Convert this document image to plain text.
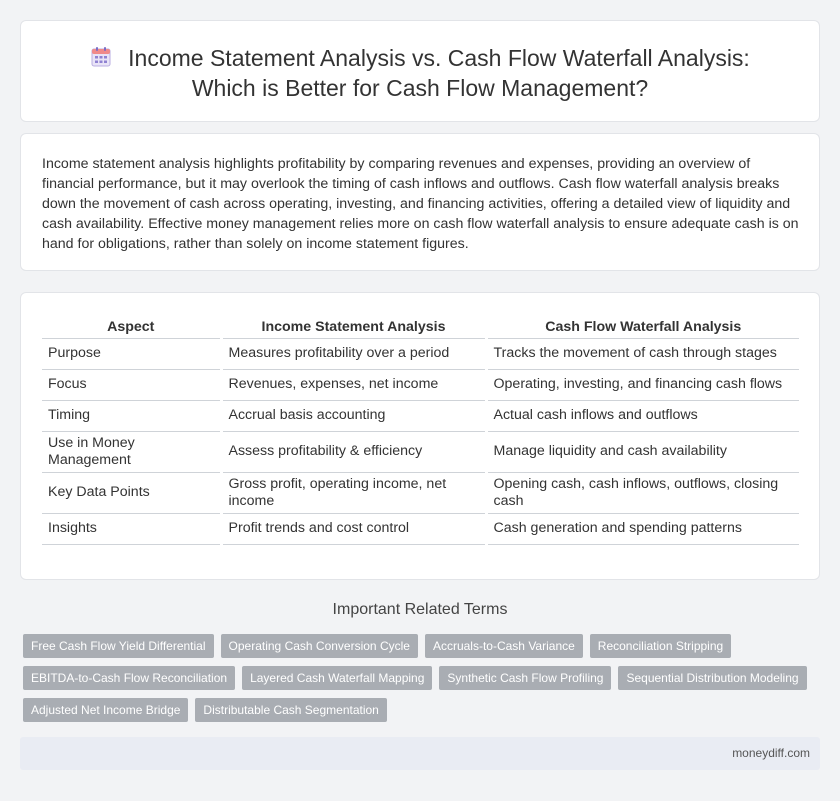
Income Statement Analysis vs. Cash Flow Waterfall Analysis:
Which is Better for Cash Flow Management?

Income statement analysis highlights profitability by comparing revenues and expenses, providing an overview of financial performance, but it may overlook the timing of cash inflows and outflows. Cash flow waterfall analysis breaks down the movement of cash across operating, investing, and financing activities, offering a detailed view of liquidity and cash availability. Effective money management relies more on cash flow waterfall analysis to ensure adequate cash is on hand for obligations, rather than solely on income statement figures.

Aspect	Income Statement Analysis	Cash Flow Waterfall Analysis
Purpose	Measures profitability over a period	Tracks the movement of cash through stages
Focus	Revenues, expenses, net income	Operating, investing, and financing cash flows
Timing	Accrual basis accounting	Actual cash inflows and outflows
Use in Money Management	Assess profitability & efficiency	Manage liquidity and cash availability
Key Data Points	Gross profit, operating income, net income	Opening cash, cash inflows, outflows, closing cash
Insights	Profit trends and cost control	Cash generation and spending patterns
Important Related Terms
Free Cash Flow Yield Differential	Operating Cash Conversion Cycle	Accruals-to-Cash Variance	Reconciliation Stripping
EBITDA-to-Cash Flow Reconciliation	Layered Cash Waterfall Mapping	Synthetic Cash Flow Profiling	Sequential Distribution Modeling
Adjusted Net Income Bridge	Distributable Cash Segmentation
moneydiff.com
